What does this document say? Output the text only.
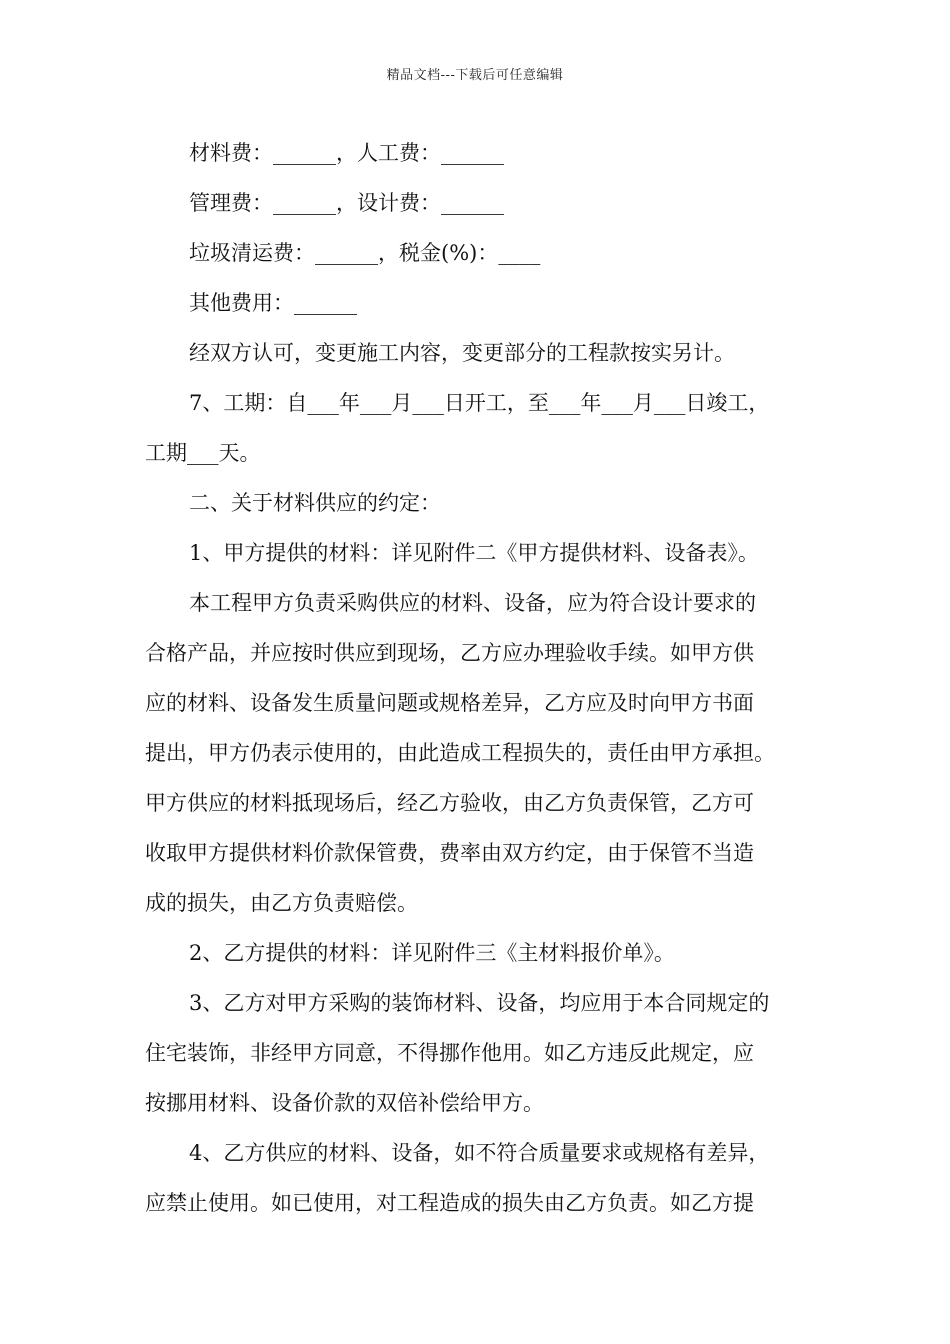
精品文档---下载后可任意编辑
材料费：______，人工费：______
管理费：______，设计费：______
垃圾清运费：______，税金(%)：____
其他费用：______
经双方认可，变更施工内容，变更部分的工程款按实另计。
7、工期：自___年___月___日开工，至___年___月___日竣工，
工期___天。
二、关于材料供应的约定：
1、甲方提供的材料：详见附件二《甲方提供材料、设备表》。
本工程甲方负责采购供应的材料、设备，应为符合设计要求的
合格产品，并应按时供应到现场，乙方应办理验收手续。如甲方供
应的材料、设备发生质量问题或规格差异，乙方应及时向甲方书面
提出，甲方仍表示使用的，由此造成工程损失的，责任由甲方承担。
甲方供应的材料抵现场后，经乙方验收，由乙方负责保管，乙方可
收取甲方提供材料价款保管费，费率由双方约定，由于保管不当造
成的损失，由乙方负责赔偿。
2、乙方提供的材料：详见附件三《主材料报价单》。
3、乙方对甲方采购的装饰材料、设备，均应用于本合同规定的
住宅装饰，非经甲方同意，不得挪作他用。如乙方违反此规定，应
按挪用材料、设备价款的双倍补偿给甲方。
4、乙方供应的材料、设备，如不符合质量要求或规格有差异，
应禁止使用。如已使用，对工程造成的损失由乙方负责。如乙方提
